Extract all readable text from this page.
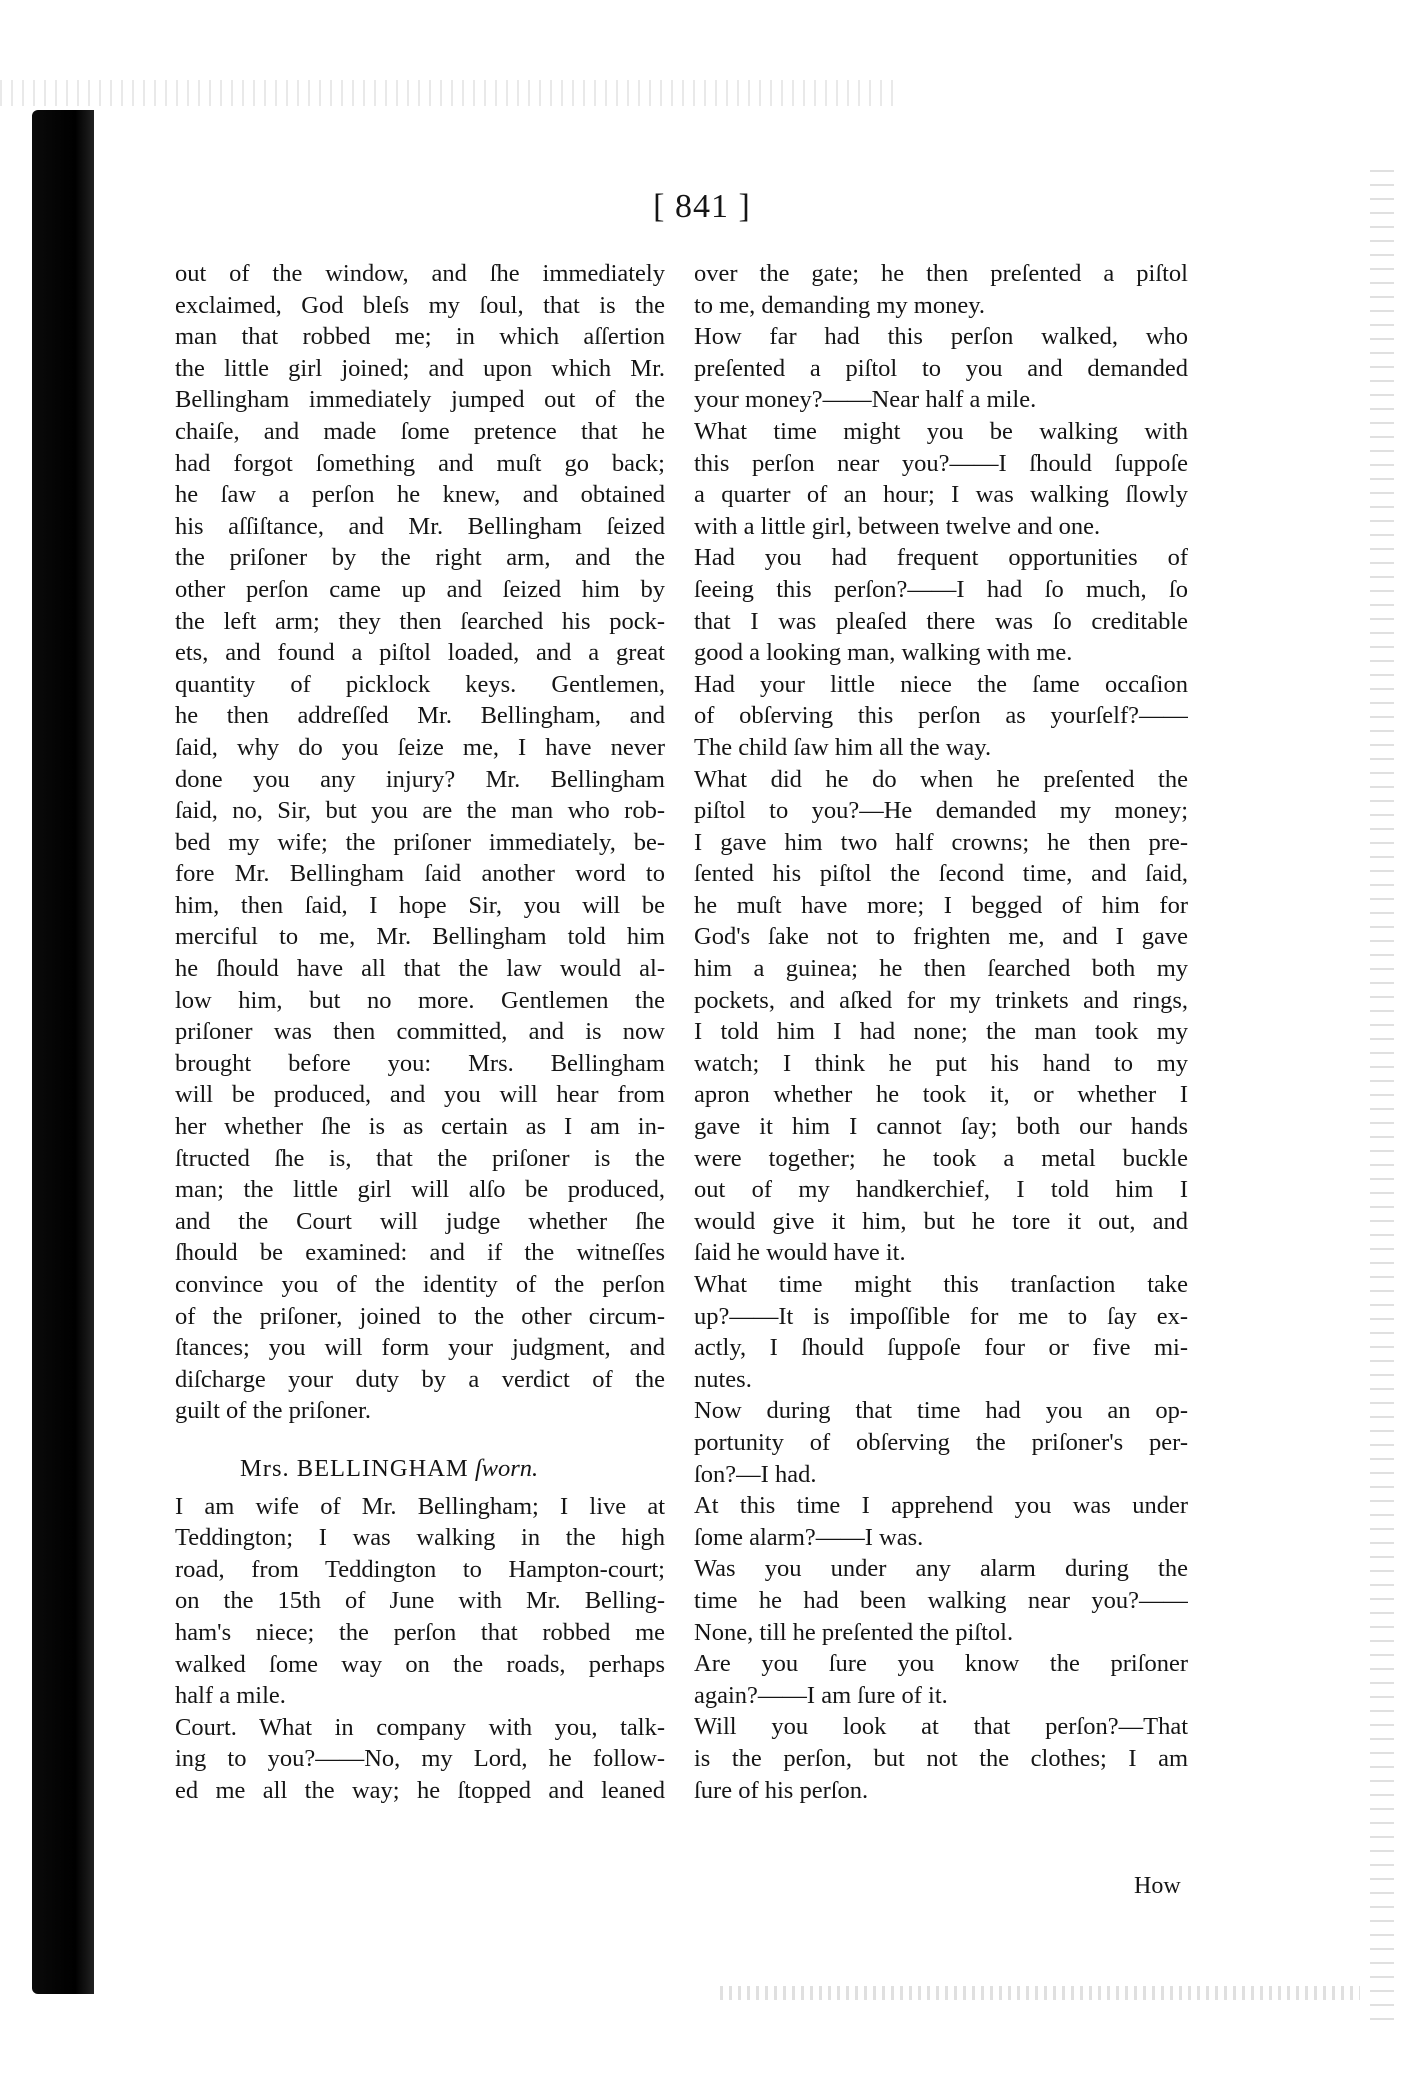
[ 841 ]
out of the window, and ſhe immediately
exclaimed, God bleſs my ſoul, that is the
man that robbed me; in which aſſertion
the little girl joined; and upon which Mr.
Bellingham immediately jumped out of the
chaiſe, and made ſome pretence that he
had forgot ſomething and muſt go back;
he ſaw a perſon he knew, and obtained
his aſſiſtance, and Mr. Bellingham ſeized
the priſoner by the right arm, and the
other perſon came up and ſeized him by
the left arm; they then ſearched his pock-
ets, and found a piſtol loaded, and a great
quantity of picklock keys. Gentlemen,
he then addreſſed Mr. Bellingham, and
ſaid, why do you ſeize me, I have never
done you any injury? Mr. Bellingham
ſaid, no, Sir, but you are the man who rob-
bed my wife; the priſoner immediately, be-
fore Mr. Bellingham ſaid another word to
him, then ſaid, I hope Sir, you will be
merciful to me, Mr. Bellingham told him
he ſhould have all that the law would al-
low him, but no more. Gentlemen the
priſoner was then committed, and is now
brought before you: Mrs. Bellingham
will be produced, and you will hear from
her whether ſhe is as certain as I am in-
ſtructed ſhe is, that the priſoner is the
man; the little girl will alſo be produced,
and the Court will judge whether ſhe
ſhould be examined: and if the witneſſes
convince you of the identity of the perſon
of the priſoner, joined to the other circum-
ſtances; you will form your judgment, and
diſcharge your duty by a verdict of the
guilt of the priſoner.
Mrs. BELLINGHAM ſworn.
I am wife of Mr. Bellingham; I live at
Teddington; I was walking in the high
road, from Teddington to Hampton-court;
on the 15th of June with Mr. Belling-
ham's niece; the perſon that robbed me
walked ſome way on the roads, perhaps
half a mile.
Court. What in company with you, talk-
ing to you?——No, my Lord, he follow-
ed me all the way; he ſtopped and leaned
over the gate; he then preſented a piſtol
to me, demanding my money.
How far had this perſon walked, who
preſented a piſtol to you and demanded
your money?——Near half a mile.
What time might you be walking with
this perſon near you?——I ſhould ſuppoſe
a quarter of an hour; I was walking ſlowly
with a little girl, between twelve and one.
Had you had frequent opportunities of
ſeeing this perſon?——I had ſo much, ſo
that I was pleaſed there was ſo creditable
good a looking man, walking with me.
Had your little niece the ſame occaſion
of obſerving this perſon as yourſelf?——
The child ſaw him all the way.
What did he do when he preſented the
piſtol to you?—He demanded my money;
I gave him two half crowns; he then pre-
ſented his piſtol the ſecond time, and ſaid,
he muſt have more; I begged of him for
God's ſake not to frighten me, and I gave
him a guinea; he then ſearched both my
pockets, and aſked for my trinkets and rings,
I told him I had none; the man took my
watch; I think he put his hand to my
apron whether he took it, or whether I
gave it him I cannot ſay; both our hands
were together; he took a metal buckle
out of my handkerchief, I told him I
would give it him, but he tore it out, and
ſaid he would have it.
What time might this tranſaction take
up?——It is impoſſible for me to ſay ex-
actly, I ſhould ſuppoſe four or five mi-
nutes.
Now during that time had you an op-
portunity of obſerving the priſoner's per-
ſon?—I had.
At this time I apprehend you was under
ſome alarm?——I was.
Was you under any alarm during the
time he had been walking near you?——
None, till he preſented the piſtol.
Are you ſure you know the priſoner
again?——I am ſure of it.
Will you look at that perſon?—That
is the perſon, but not the clothes; I am
ſure of his perſon.
How
